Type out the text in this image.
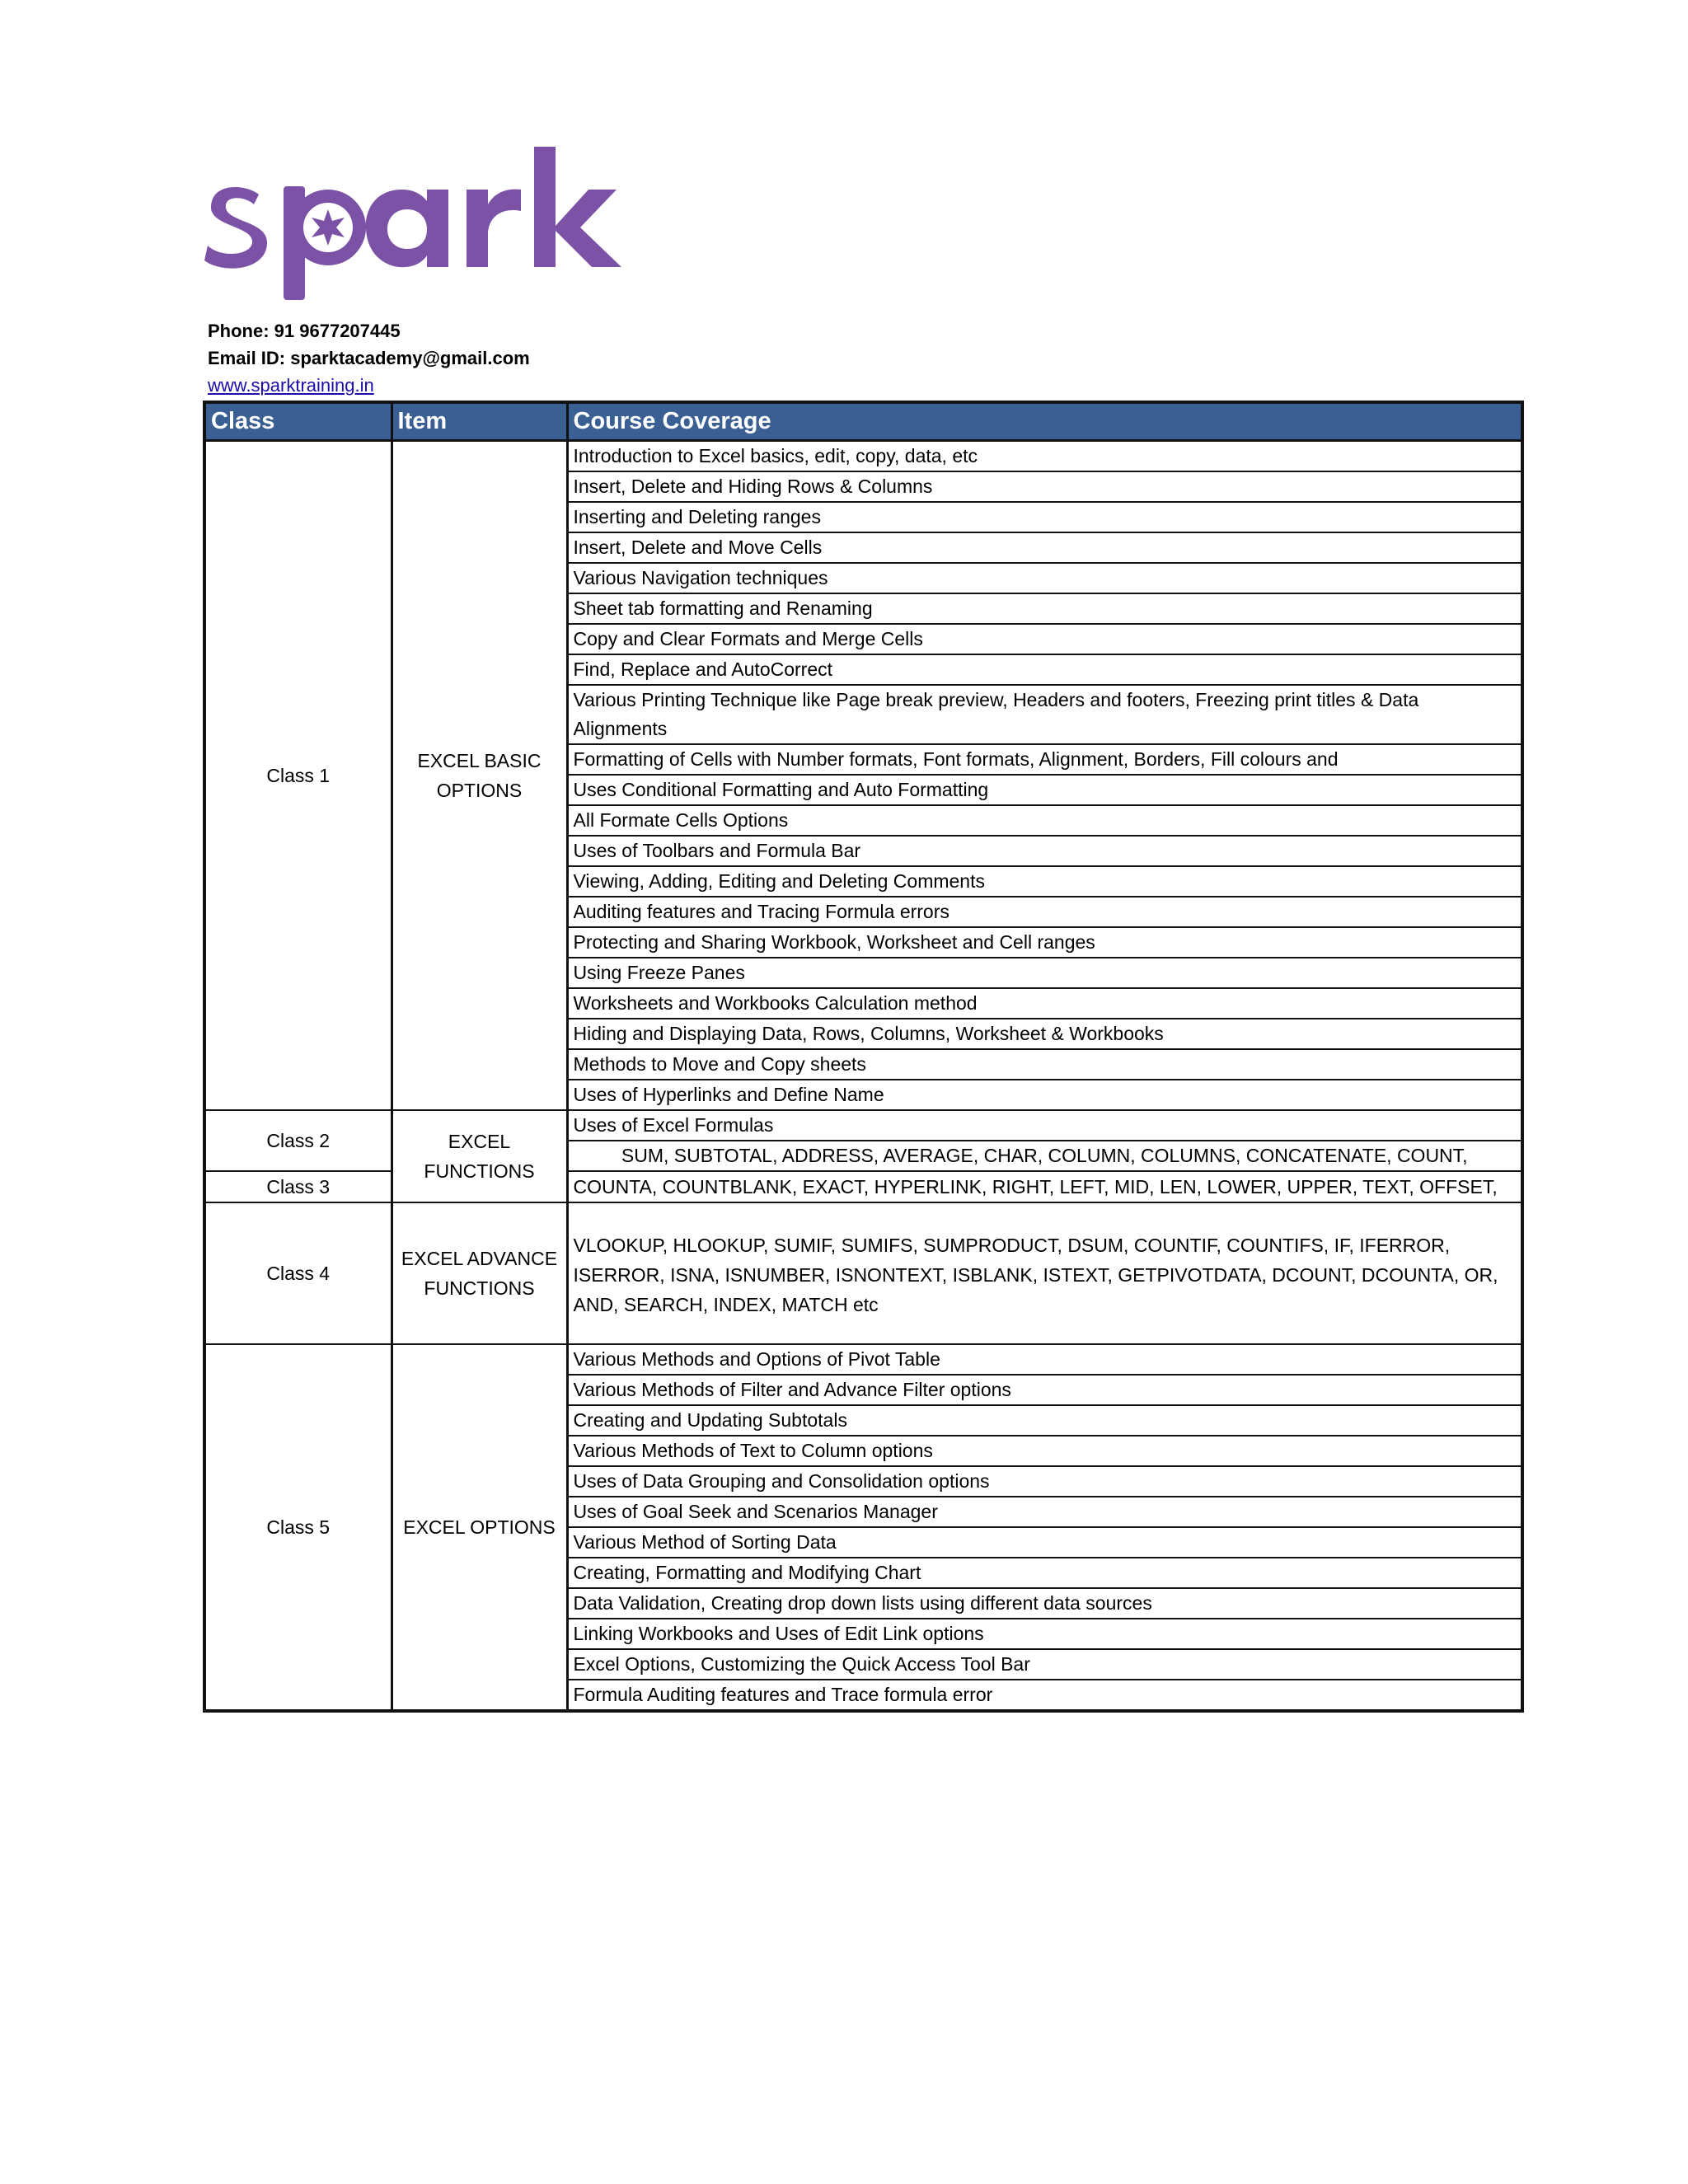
Phone: 91 9677207445
Email ID: sparktacademy@gmail.com
www.sparktraining.in
Class	Item	Course Coverage
Class 1	EXCEL BASIC OPTIONS	Introduction to Excel basics, edit, copy, data, etc
		Insert, Delete and Hiding Rows & Columns
		Inserting and Deleting ranges
		Insert, Delete and Move Cells
		Various Navigation techniques
		Sheet tab formatting and Renaming
		Copy and Clear Formats and Merge Cells
		Find, Replace and AutoCorrect
		Various Printing Technique like Page break preview, Headers and footers, Freezing print titles & Data Alignments
		Formatting of Cells with Number formats, Font formats, Alignment, Borders, Fill colours and
		Uses Conditional Formatting and Auto Formatting
		All Formate Cells Options
		Uses of Toolbars and Formula Bar
		Viewing, Adding, Editing and Deleting Comments
		Auditing features and Tracing Formula errors
		Protecting and Sharing Workbook, Worksheet and Cell ranges
		Using Freeze Panes
		Worksheets and Workbooks Calculation method
		Hiding and Displaying Data, Rows, Columns, Worksheet & Workbooks
		Methods to Move and Copy sheets
		Uses of Hyperlinks and Define Name
Class 2	EXCEL FUNCTIONS	Uses of Excel Formulas
		SUM, SUBTOTAL, ADDRESS, AVERAGE, CHAR, COLUMN, COLUMNS, CONCATENATE, COUNT,
Class 3		COUNTA, COUNTBLANK, EXACT, HYPERLINK, RIGHT, LEFT, MID, LEN, LOWER, UPPER, TEXT, OFFSET,
Class 4	EXCEL ADVANCE FUNCTIONS	VLOOKUP, HLOOKUP, SUMIF, SUMIFS, SUMPRODUCT, DSUM, COUNTIF, COUNTIFS, IF, IFERROR, ISERROR, ISNA, ISNUMBER, ISNONTEXT, ISBLANK, ISTEXT, GETPIVOTDATA, DCOUNT, DCOUNTA, OR, AND, SEARCH, INDEX, MATCH etc
Class 5	EXCEL OPTIONS	Various Methods and Options of Pivot Table
		Various Methods of Filter and Advance Filter options
		Creating and Updating Subtotals
		Various Methods of Text to Column options
		Uses of Data Grouping and Consolidation options
		Uses of Goal Seek and Scenarios Manager
		Various Method of Sorting Data
		Creating, Formatting and Modifying Chart
		Data Validation, Creating drop down lists using different data sources
		Linking Workbooks and Uses of Edit Link options
		Excel Options, Customizing the Quick Access Tool Bar
		Formula Auditing features and Trace formula error
